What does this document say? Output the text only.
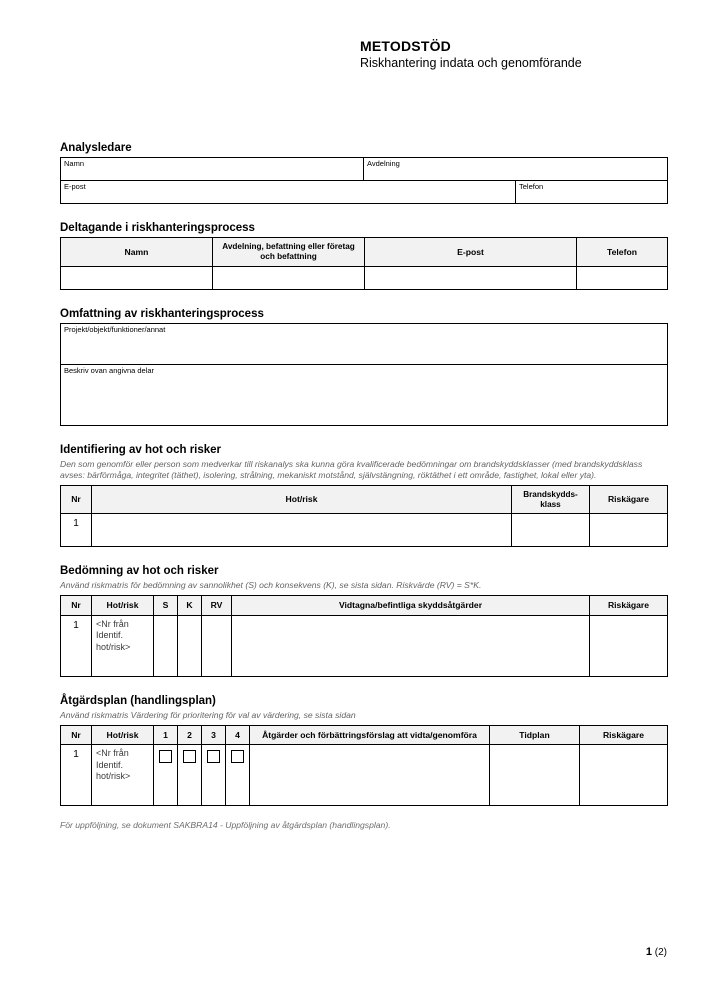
METODSTÖD
Riskhantering indata och genomförande
Analysledare
Namn	Avdelning	

E-post		Telefon
Deltagande i riskhanteringsprocess
Namn	Avdelning, befattning eller företag och befattning	E-post	Telefon

Omfattning av riskhanteringsprocess
Projekt/objekt/funktioner/annat

Beskriv ovan angivna delar
Identifiering av hot och risker
Den som genomför eller person som medverkar till riskanalys ska kunna göra kvalificerade bedömningar om brandskyddsklasser (med brandskyddsklass avses: bärförmåga, integritet (täthet), isolering, strålning, mekaniskt motstånd, självstängning, röktäthet i ett område, fastighet, lokal eller yta).
Nr	Hot/risk	Brandskydds-klass	Riskägare
1			
Bedömning av hot och risker
Använd riskmatris för bedömning av sannolikhet (S) och konsekvens (K), se sista sidan. Riskvärde (RV) = S*K.
Nr	Hot/risk	S	K	RV	Vidtagna/befintliga skyddsåtgärder	Riskägare
1	<Nr från Identif. hot/risk>					

Åtgärdsplan (handlingsplan)
Använd riskmatris Värdering för prioritering för val av värdering, se sista sidan
Nr	Hot/risk	1	2	3	4	Åtgärder och förbättringsförslag att vidta/genomföra	Tidplan	Riskägare
1	<Nr från Identif. hot/risk>							

För uppföljning, se dokument SAKBRA14 - Uppföljning av åtgärdsplan (handlingsplan).
1 (2)
